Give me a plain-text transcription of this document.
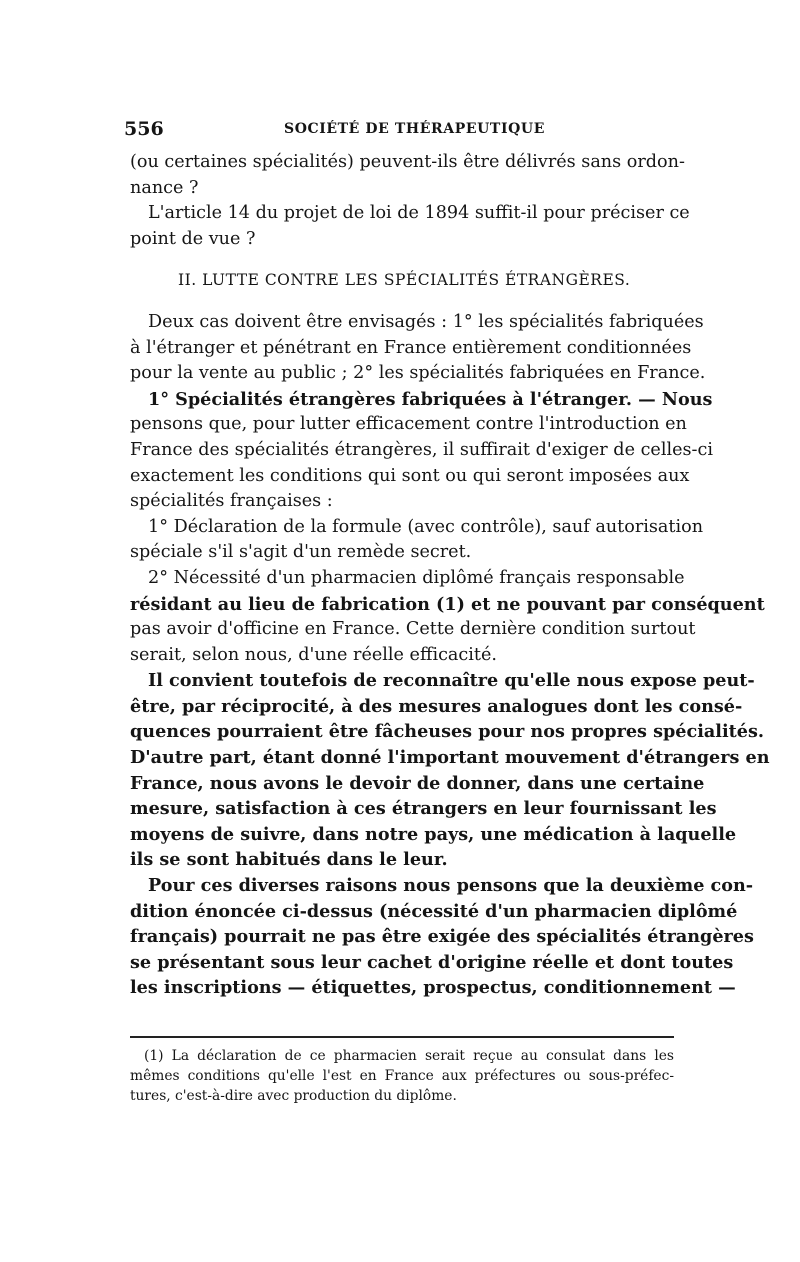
556	SOCIÉTÉ DE THÉRAPEUTIQUE
(ou certaines spécialités) peuvent-ils être délivrés sans ordon-
nance ?
L'article 14 du projet de loi de 1894 suffit-il pour préciser ce
point de vue ?
II. LUTTE CONTRE LES SPÉCIALITÉS ÉTRANGÈRES.
Deux cas doivent être envisagés : 1° les spécialités fabriquées
à l'étranger et pénétrant en France entièrement conditionnées
pour la vente au public ; 2° les spécialités fabriquées en France.
1° Spécialités étrangères fabriquées à l'étranger. — Nous
pensons que, pour lutter efficacement contre l'introduction en
France des spécialités étrangères, il suffirait d'exiger de celles-ci
exactement les conditions qui sont ou qui seront imposées aux
spécialités françaises :
1° Déclaration de la formule (avec contrôle), sauf autorisation
spéciale s'il s'agit d'un remède secret.
2° Nécessité d'un pharmacien diplômé français responsable
résidant au lieu de fabrication (1) et ne pouvant par conséquent
pas avoir d'officine en France. Cette dernière condition surtout
serait, selon nous, d'une réelle efficacité.
Il convient toutefois de reconnaître qu'elle nous expose peut-
être, par réciprocité, à des mesures analogues dont les consé-
quences pourraient être fâcheuses pour nos propres spécialités.
D'autre part, étant donné l'important mouvement d'étrangers en
France, nous avons le devoir de donner, dans une certaine
mesure, satisfaction à ces étrangers en leur fournissant les
moyens de suivre, dans notre pays, une médication à laquelle
ils se sont habitués dans le leur.
Pour ces diverses raisons nous pensons que la deuxième con-
dition énoncée ci-dessus (nécessité d'un pharmacien diplômé
français) pourrait ne pas être exigée des spécialités étrangères
se présentant sous leur cachet d'origine réelle et dont toutes
les inscriptions — étiquettes, prospectus, conditionnement —
(1) La déclaration de ce pharmacien serait reçue au consulat dans les
mêmes conditions qu'elle l'est en France aux préfectures ou sous-préfec-
tures, c'est-à-dire avec production du diplôme.
